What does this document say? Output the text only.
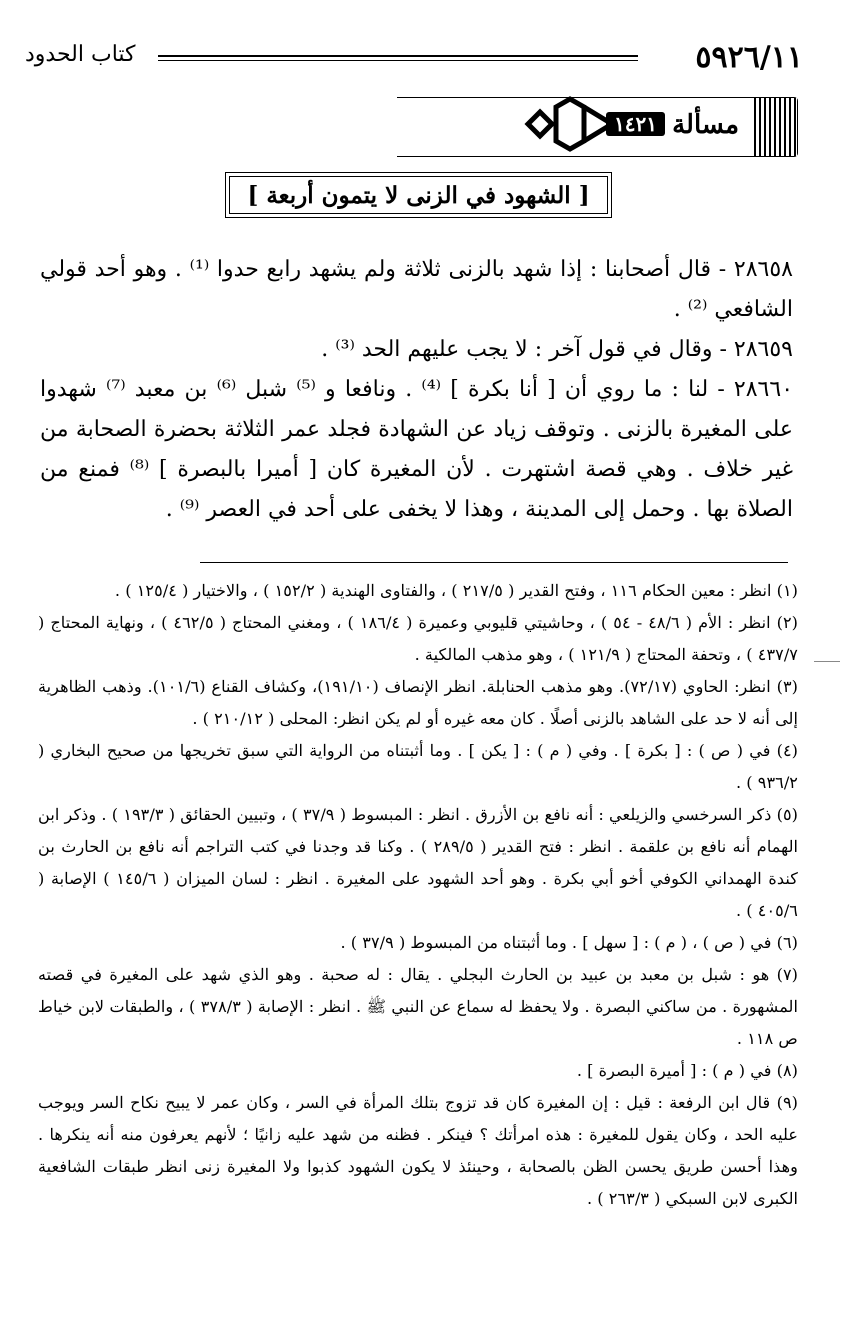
٥٩٢٦/١١
كتاب الحدود
مسألة
١٤٢١
[ الشهود في الزنى لا يتمون أربعة ]

٢٨٦٥٨ - قال أصحابنا : إذا شهد بالزنى ثلاثة ولم يشهد رابع حدوا ⁽¹⁾ . وهو أحد قولي الشافعي ⁽²⁾ .

٢٨٦٥٩ - وقال في قول آخر : لا يجب عليهم الحد ⁽³⁾ .

٢٨٦٦٠ - لنا : ما روي أن [ أنا بكرة ] ⁽⁴⁾ . ونافعا و ⁽⁵⁾ شبل ⁽⁶⁾ بن معبد ⁽⁷⁾ شهدوا على المغيرة بالزنى . وتوقف زياد عن الشهادة فجلد عمر الثلاثة بحضرة الصحابة من غير خلاف . وهي قصة اشتهرت . لأن المغيرة كان [ أميرا بالبصرة ] ⁽⁸⁾ فمنع من الصلاة بها . وحمل إلى المدينة ، وهذا لا يخفى على أحد في العصر ⁽⁹⁾ .

(١) انظر : معين الحكام ١١٦ ، وفتح القدير ( ٢١٧/٥ ) ، والفتاوى الهندية ( ١٥٢/٢ ) ، والاختيار ( ١٢٥/٤ ) .

(٢) انظر : الأم ( ٤٨/٦ - ٥٤ ) ، وحاشيتي قليوبي وعميرة ( ١٨٦/٤ ) ، ومغني المحتاج ( ٤٦٢/٥ ) ، ونهاية المحتاج ( ٤٣٧/٧ ) ، وتحفة المحتاج ( ١٢١/٩ ) ، وهو مذهب المالكية .

(٣) انظر: الحاوي (٧٢/١٧). وهو مذهب الحنابلة. انظر الإنصاف (١٩١/١٠)، وكشاف القناع (١٠١/٦). وذهب الظاهرية إلى أنه لا حد على الشاهد بالزنى أصلًا . كان معه غيره أو لم يكن انظر: المحلى ( ٢١٠/١٢ ) .

(٤) في ( ص ) : [ بكرة ] . وفي ( م ) : [ يكن ] . وما أثبتناه من الرواية التي سبق تخريجها من صحيح البخاري ( ٩٣٦/٢ ) .

(٥) ذكر السرخسي والزيلعي : أنه نافع بن الأزرق . انظر : المبسوط ( ٣٧/٩ ) ، وتبيين الحقائق ( ١٩٣/٣ ) . وذكر ابن الهمام أنه نافع بن علقمة . انظر : فتح القدير ( ٢٨٩/٥ ) . وكنا قد وجدنا في كتب التراجم أنه نافع بن الحارث بن كندة الهمداني الكوفي أخو أبي بكرة . وهو أحد الشهود على المغيرة . انظر : لسان الميزان ( ١٤٥/٦ ) الإصابة ( ٤٠٥/٦ ) .

(٦) في ( ص ) ، ( م ) : [ سهل ] . وما أثبتناه من المبسوط ( ٣٧/٩ ) .

(٧) هو : شبل بن معبد بن عبيد بن الحارث البجلي . يقال : له صحبة . وهو الذي شهد على المغيرة في قصته المشهورة . من ساكني البصرة . ولا يحفظ له سماع عن النبي ﷺ . انظر : الإصابة ( ٣٧٨/٣ ) ، والطبقات لابن خياط ص ١١٨ .

(٨) في ( م ) : [ أميرة البصرة ] .

(٩) قال ابن الرفعة : قيل : إن المغيرة كان قد تزوج بتلك المرأة في السر ، وكان عمر لا يبيح نكاح السر ويوجب عليه الحد ، وكان يقول للمغيرة : هذه امرأتك ؟ فينكر . فظنه من شهد عليه زانيًا ؛ لأنهم يعرفون منه أنه ينكرها . وهذا أحسن طريق يحسن الظن بالصحابة ، وحينئذ لا يكون الشهود كذبوا ولا المغيرة زنى انظر طبقات الشافعية الكبرى لابن السبكي ( ٢٦٣/٣ ) .
